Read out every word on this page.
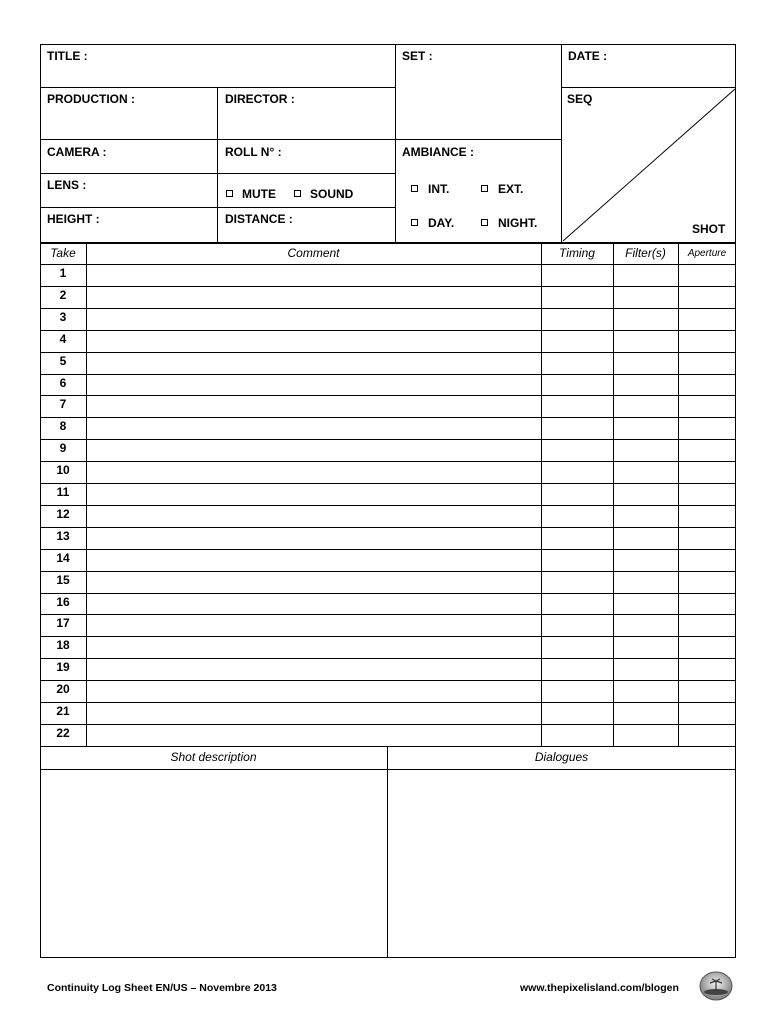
TITLE :	SET :	DATE :
PRODUCTION :	DIRECTOR :	SEQ
CAMERA :	ROLL N° :	AMBIANCE :
LENS :
MUTE	SOUND	INT.	EXT.
HEIGHT :	DISTANCE :	DAY.	NIGHT.	SHOT
Take	Comment	Timing	Filter(s)	Aperture
1
2
3
4
5
6
7
8
9
10
11
12
13
14
15
16
17
18
19
20
21
22
Shot description	Dialogues
Continuity Log Sheet EN/US – Novembre 2013	www.thepixelisland.com/blogen
